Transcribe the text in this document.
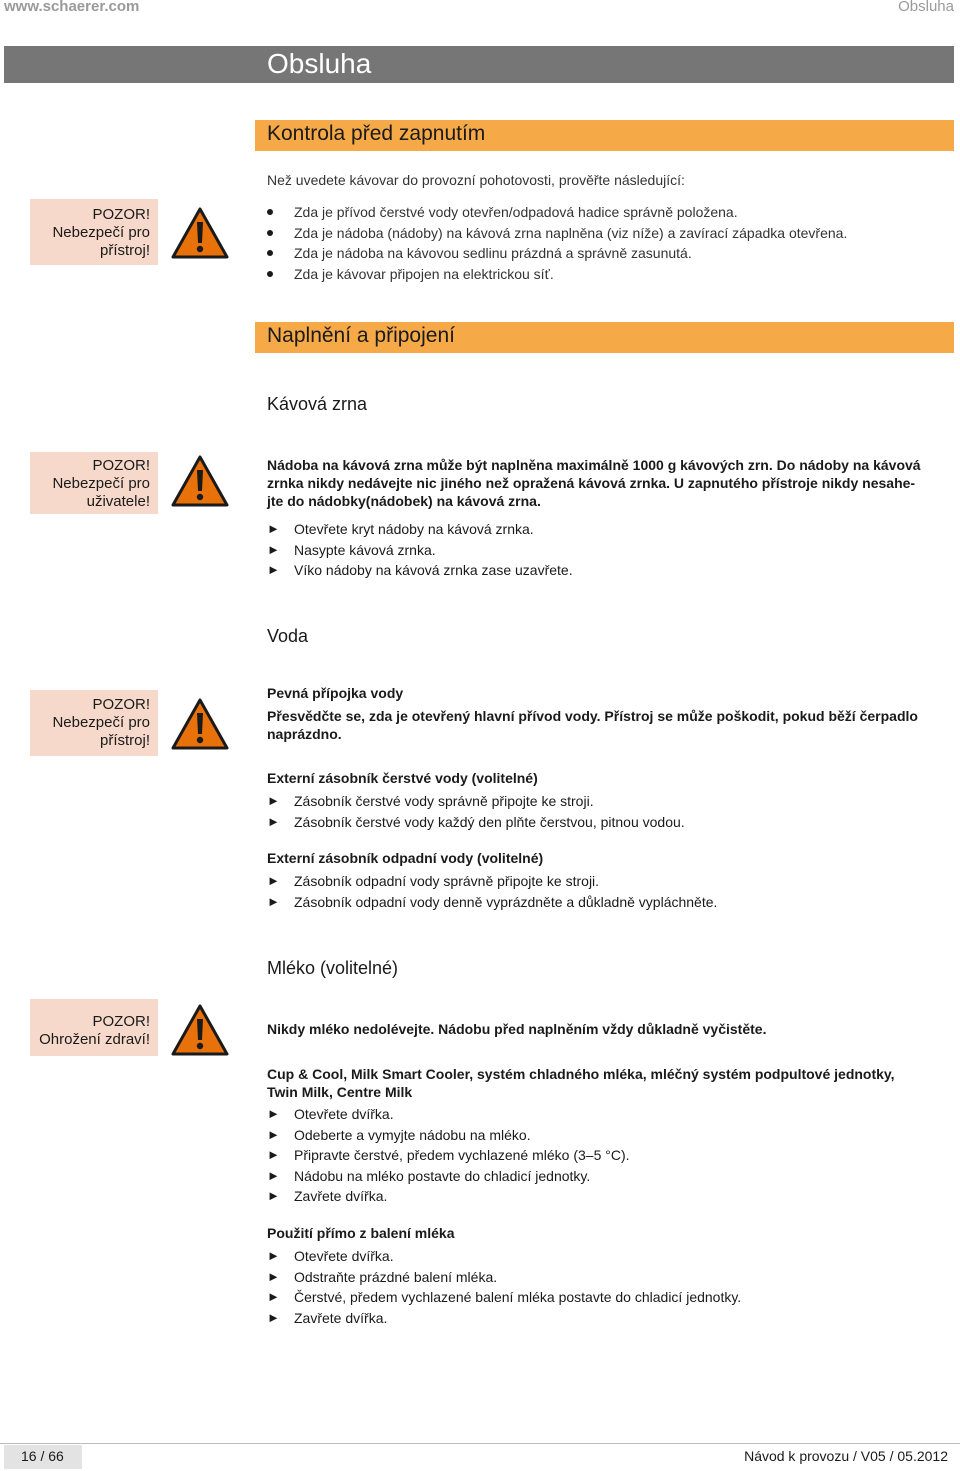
www.schaerer.com	Obsluha
Obsluha
Kontrola před zapnutím
Než uvedete kávovar do provozní pohotovosti, prověřte následující:
POZOR!
Nebezpečí pro
přístroj!
Zda je přívod čerstvé vody otevřen/odpadová hadice správně položena.
Zda je nádoba (nádoby) na kávová zrna naplněna (viz níže) a zavírací západka otevřena.
Zda je nádoba na kávovou sedlinu prázdná a správně zasunutá.
Zda je kávovar připojen na elektrickou síť.
Naplnění a připojení
Kávová zrna
POZOR!
Nebezpečí pro
uživatele!
Nádoba na kávová zrna může být naplněna maximálně 1000 g kávových zrn. Do nádoby na kávová
zrnka nikdy nedávejte nic jiného než opražená kávová zrnka. U zapnutého přístroje nikdy nesahe-
jte do nádobky(nádobek) na kávová zrna.
► Otevřete kryt nádoby na kávová zrnka.
► Nasypte kávová zrnka.
► Víko nádoby na kávová zrnka zase uzavřete.
Voda
POZOR!
Nebezpečí pro
přístroj!
Pevná přípojka vody
Přesvědčte se, zda je otevřený hlavní přívod vody. Přístroj se může poškodit, pokud běží čerpadlo
naprázdno.
Externí zásobník čerstvé vody (volitelné)
► Zásobník čerstvé vody správně připojte ke stroji.
► Zásobník čerstvé vody každý den plňte čerstvou, pitnou vodou.
Externí zásobník odpadní vody (volitelné)
► Zásobník odpadní vody správně připojte ke stroji.
► Zásobník odpadní vody denně vyprázdněte a důkladně vypláchněte.
Mléko (volitelné)
POZOR!
Ohrožení zdraví!
Nikdy mléko nedolévejte. Nádobu před naplněním vždy důkladně vyčistěte.
Cup & Cool, Milk Smart Cooler, systém chladného mléka, mléčný systém podpultové jednotky,
Twin Milk, Centre Milk
► Otevřete dvířka.
► Odeberte a vymyjte nádobu na mléko.
► Připravte čerstvé, předem vychlazené mléko (3–5 °C).
► Nádobu na mléko postavte do chladicí jednotky.
► Zavřete dvířka.
Použití přímo z balení mléka
► Otevřete dvířka.
► Odstraňte prázdné balení mléka.
► Čerstvé, předem vychlazené balení mléka postavte do chladicí jednotky.
► Zavřete dvířka.
16 / 66	Návod k provozu / V05 / 05.2012
